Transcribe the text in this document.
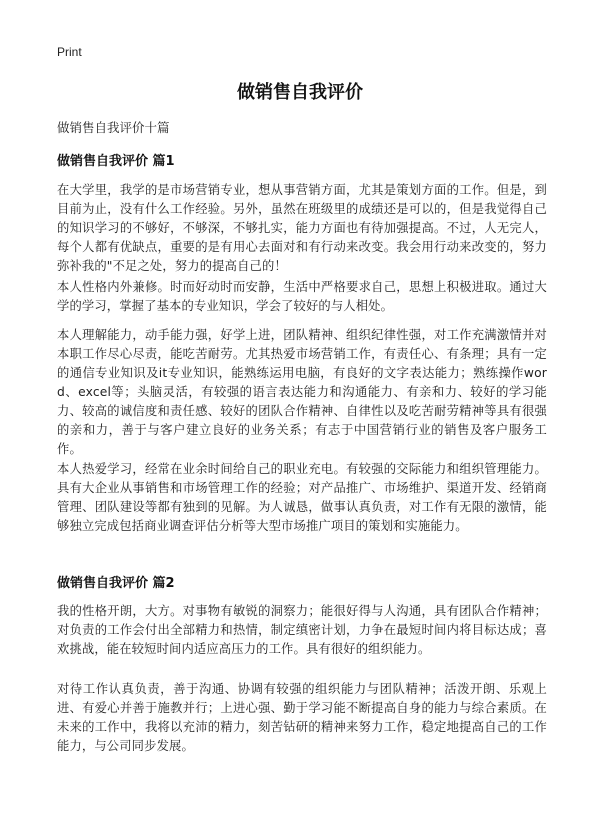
Print
做销售自我评价

做销售自我评价十篇

做销售自我评价 篇1

在大学里，我学的是市场营销专业，想从事营销方面，尤其是策划方面的工作。但是，到目前为止，没有什么工作经验。另外，虽然在班级里的成绩还是可以的，但是我觉得自己的知识学习的不够好，不够深，不够扎实，能力方面也有待加强提高。不过，人无完人，每个人都有优缺点，重要的是有用心去面对和有行动来改变。我会用行动来改变的，努力弥补我的"不足之处，努力的提高自己的！

本人性格内外兼修。时而好动时而安静，生活中严格要求自己，思想上积极进取。通过大学的学习，掌握了基本的专业知识，学会了较好的与人相处。

本人理解能力，动手能力强，好学上进，团队精神、组织纪律性强，对工作充满激情并对本职工作尽心尽责，能吃苦耐劳。尤其热爱市场营销工作，有责任心、有条理；具有一定的通信专业知识及it专业知识，能熟练运用电脑，有良好的文字表达能力；熟练操作word、excel等；头脑灵活，有较强的语言表达能力和沟通能力、有亲和力、较好的学习能力、较高的诚信度和责任感、较好的团队合作精神、自律性以及吃苦耐劳精神等具有很强的亲和力，善于与客户建立良好的业务关系；有志于中国营销行业的销售及客户服务工作。

本人热爱学习，经常在业余时间给自己的职业充电。有较强的交际能力和组织管理能力。具有大企业从事销售和市场管理工作的经验；对产品推广、市场维护、渠道开发、经销商管理、团队建设等都有独到的见解。为人诚恳，做事认真负责，对工作有无限的激情，能够独立完成包括商业调查评估分析等大型市场推广项目的策划和实施能力。

做销售自我评价 篇2

我的性格开朗，大方。对事物有敏锐的洞察力；能很好得与人沟通，具有团队合作精神；对负责的工作会付出全部精力和热情，制定缜密计划，力争在最短时间内将目标达成；喜欢挑战，能在较短时间内适应高压力的工作。具有很好的组织能力。

对待工作认真负责，善于沟通、协调有较强的组织能力与团队精神；活泼开朗、乐观上进、有爱心并善于施教并行；上进心强、勤于学习能不断提高自身的能力与综合素质。在未来的工作中，我将以充沛的精力，刻苦钻研的精神来努力工作，稳定地提高自己的工作能力，与公司同步发展。
